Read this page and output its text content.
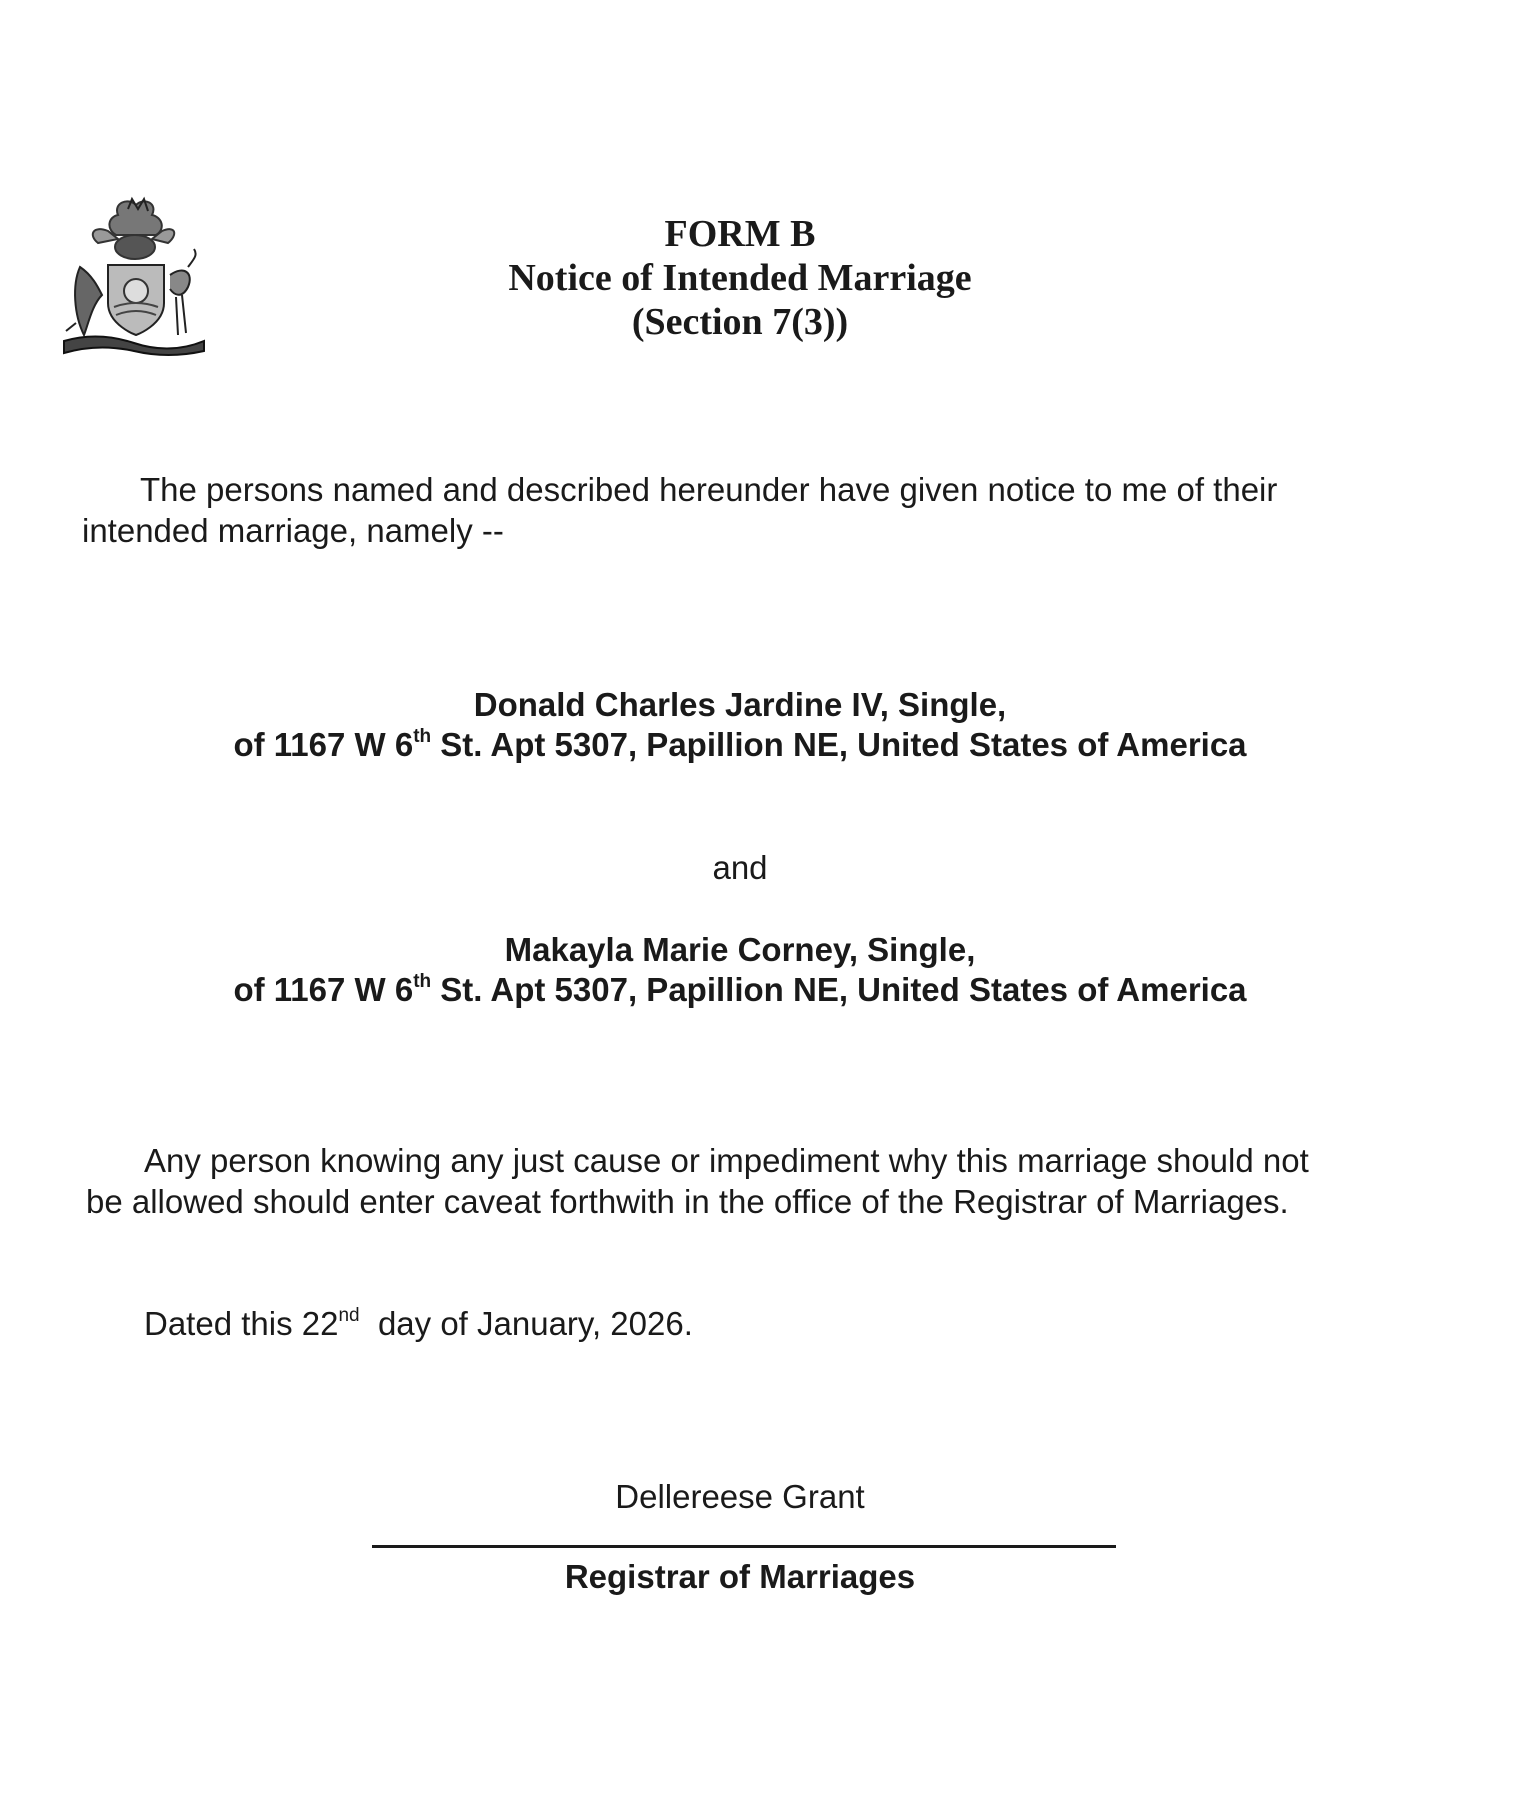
FORM B
Notice of Intended Marriage
(Section 7(3))
The persons named and described hereunder have given notice to me of their
intended marriage, namely --
Donald Charles Jardine IV, Single,
of 1167 W 6th St. Apt 5307, Papillion NE, United States of America
and
Makayla Marie Corney, Single,
of 1167 W 6th St. Apt 5307, Papillion NE, United States of America
Any person knowing any just cause or impediment why this marriage should not
be allowed should enter caveat forthwith in the office of the Registrar of Marriages.
Dated this 22nd  day of January, 2026.
Dellereese Grant
Registrar of Marriages
